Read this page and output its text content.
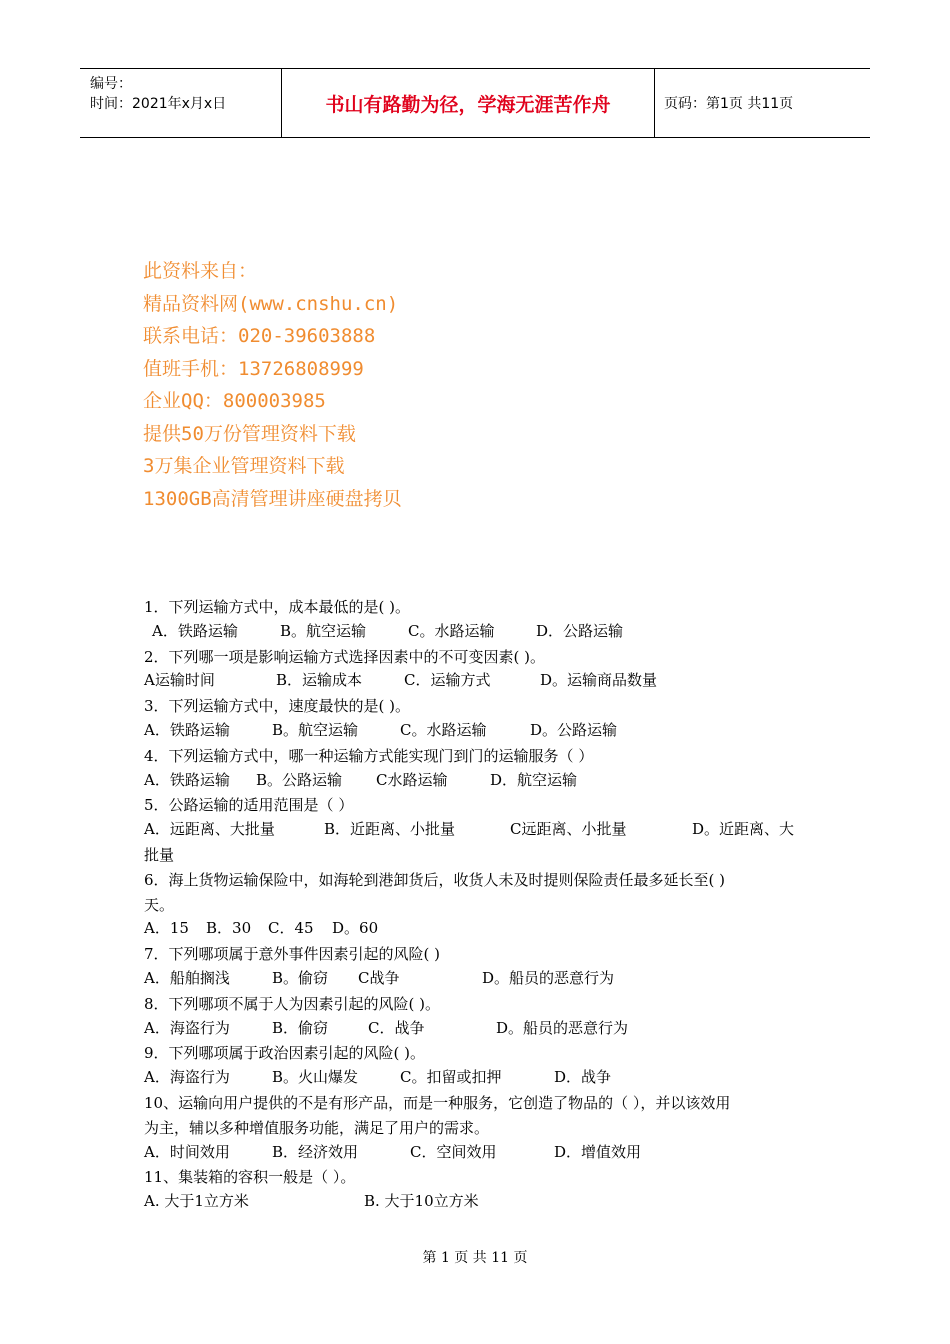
编号：
时间：2021年x月x日	书山有路勤为径，学海无涯苦作舟	页码：第1页 共11页
此资料来自：
精品资料网(www.cnshu.cn)
联系电话：020-39603888
值班手机：13726808999
企业QQ：800003985
提供50万份管理资料下载
3万集企业管理资料下载
1300GB高清管理讲座硬盘拷贝
1．下列运输方式中，成本最低的是( )。
A．铁路运输	B。航空运输	C。水路运输	D．公路运输
2．下列哪一项是影响运输方式选择因素中的不可变因素( )。
A运输时间	B．运输成本	C．运输方式	D。运输商品数量
3．下列运输方式中，速度最快的是( )。
A．铁路运输	B。航空运输	C。水路运输	D。公路运输
4．下列运输方式中，哪一种运输方式能实现门到门的运输服务（ ）
A．铁路运输 B。公路运输 C水路运输	D．航空运输
5．公路运输的适用范围是（ ）
A．远距离、大批量	B．近距离、小批量	C远距离、小批量	D。近距离、大
批量
6．海上货物运输保险中，如海轮到港卸货后，收货人未及时提则保险责任最多延长至( )
天。
A．15 B．30 C．45 D。60
7．下列哪项属于意外事件因素引起的风险( )
A．船舶搁浅	B。偷窃 C战争	D。船员的恶意行为
8．下列哪项不属于人为因素引起的风险( )。
A．海盗行为	B．偷窃	C．战争	D。船员的恶意行为
9．下列哪项属于政治因素引起的风险( )。
A．海盗行为	B。火山爆发	C。扣留或扣押	D．战争
10、运输向用户提供的不是有形产品，而是一种服务，它创造了物品的（ ），并以该效用
为主，辅以多种增值服务功能，满足了用户的需求。
A．时间效用	B．经济效用	C．空间效用	D．增值效用
11、集装箱的容积一般是（ ）。
A. 大于1立方米	B. 大于10立方米
第 1 页 共 11 页
